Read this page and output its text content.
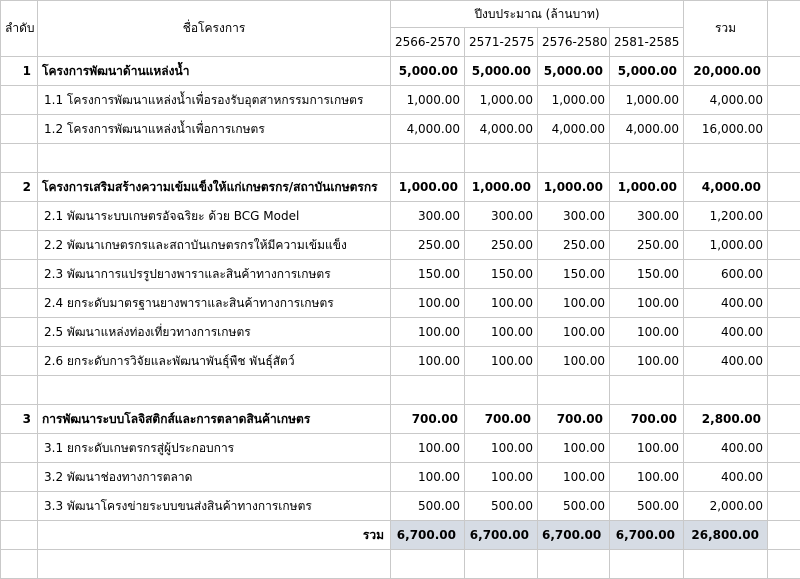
ลำดับ	ชื่อโครงการ	ปีงบประมาณ (ล้านบาท)				รวม	
		2566-2570	2571-2575	2576-2580	2581-2585		
1	โครงการพัฒนาด้านแหล่งน้ำ	5,000.00	5,000.00	5,000.00	5,000.00	20,000.00	
	1.1 โครงการพัฒนาแหล่งน้ำเพื่อรองรับอุตสาหกรรมการเกษตร	1,000.00	1,000.00	1,000.00	1,000.00	4,000.00	
	1.2 โครงการพัฒนาแหล่งน้ำเพื่อการเกษตร	4,000.00	4,000.00	4,000.00	4,000.00	16,000.00	

2	โครงการเสริมสร้างความเข้มแข็งให้แก่เกษตรกร/สถาบันเกษตรกร	1,000.00	1,000.00	1,000.00	1,000.00	4,000.00	
	2.1 พัฒนาระบบเกษตรอัจฉริยะ ด้วย BCG Model	300.00	300.00	300.00	300.00	1,200.00	
	2.2 พัฒนาเกษตรกรและสถาบันเกษตรกรให้มีความเข้มแข็ง	250.00	250.00	250.00	250.00	1,000.00	
	2.3 พัฒนาการแปรรูปยางพาราและสินค้าทางการเกษตร	150.00	150.00	150.00	150.00	600.00	
	2.4 ยกระดับมาตรฐานยางพาราและสินค้าทางการเกษตร	100.00	100.00	100.00	100.00	400.00	
	2.5 พัฒนาแหล่งท่องเที่ยวทางการเกษตร	100.00	100.00	100.00	100.00	400.00	
	2.6 ยกระดับการวิจัยและพัฒนาพันธุ์พืช พันธุ์สัตว์	100.00	100.00	100.00	100.00	400.00	

3	การพัฒนาระบบโลจิสติกส์และการตลาดสินค้าเกษตร	700.00	700.00	700.00	700.00	2,800.00	
	3.1 ยกระดับเกษตรกรสู่ผู้ประกอบการ	100.00	100.00	100.00	100.00	400.00	
	3.2 พัฒนาช่องทางการตลาด	100.00	100.00	100.00	100.00	400.00	
	3.3 พัฒนาโครงข่ายระบบขนส่งสินค้าทางการเกษตร	500.00	500.00	500.00	500.00	2,000.00	
	รวม	6,700.00	6,700.00	6,700.00	6,700.00	26,800.00	
